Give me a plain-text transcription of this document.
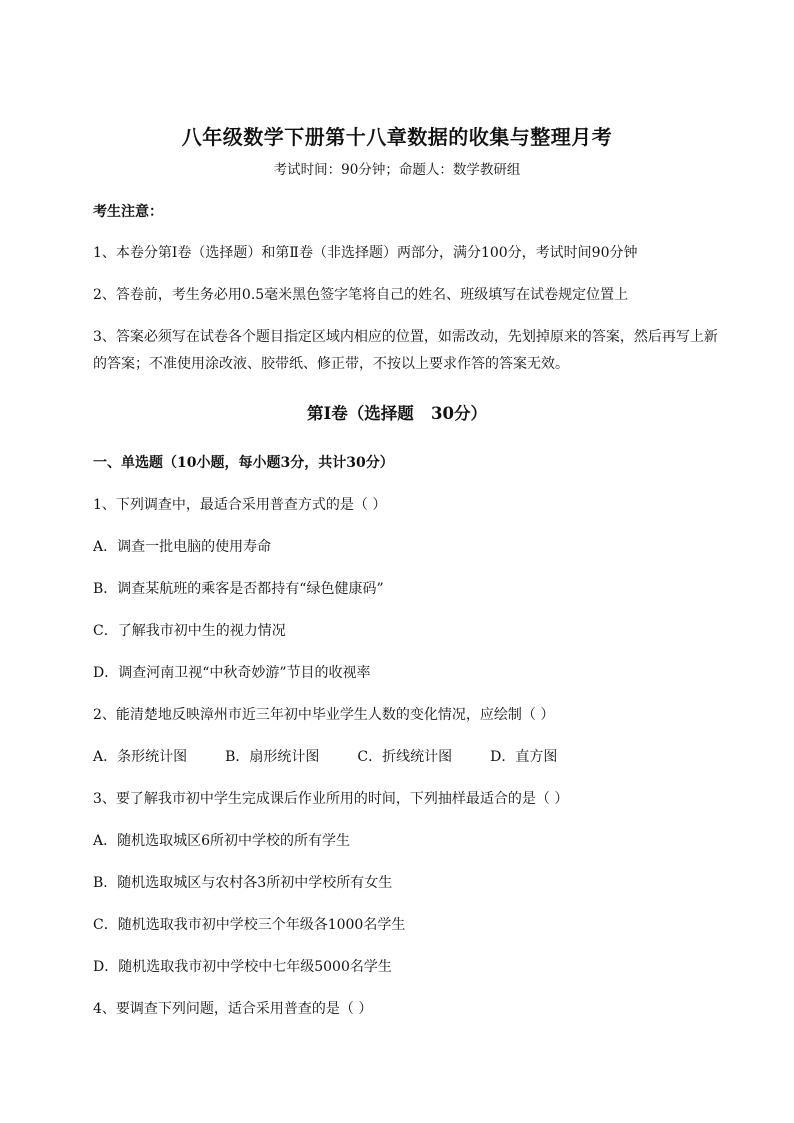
八年级数学下册第十八章数据的收集与整理月考
考试时间：90分钟；命题人：数学教研组
考生注意：
1、本卷分第I卷（选择题）和第Ⅱ卷（非选择题）两部分，满分100分，考试时间90分钟
2、答卷前，考生务必用0.5毫米黑色签字笔将自己的姓名、班级填写在试卷规定位置上
3、答案必须写在试卷各个题目指定区域内相应的位置，如需改动，先划掉原来的答案，然后再写上新
的答案；不准使用涂改液、胶带纸、修正带，不按以上要求作答的答案无效。
第I卷（选择题   30分）
一、单选题（10小题，每小题3分，共计30分）
1、下列调查中，最适合采用普查方式的是（ ）
A．调查一批电脑的使用寿命
B．调查某航班的乘客是否都持有“绿色健康码”
C．了解我市初中生的视力情况
D．调查河南卫视“中秋奇妙游”节目的收视率
2、能清楚地反映漳州市近三年初中毕业学生人数的变化情况，应绘制（ ）
A．条形统计图	B．扇形统计图	C．折线统计图	D．直方图
3、要了解我市初中学生完成课后作业所用的时间，下列抽样最适合的是（ ）
A．随机选取城区6所初中学校的所有学生
B．随机选取城区与农村各3所初中学校所有女生
C．随机选取我市初中学校三个年级各1000名学生
D．随机选取我市初中学校中七年级5000名学生
4、要调查下列问题，适合采用普查的是（ ）
